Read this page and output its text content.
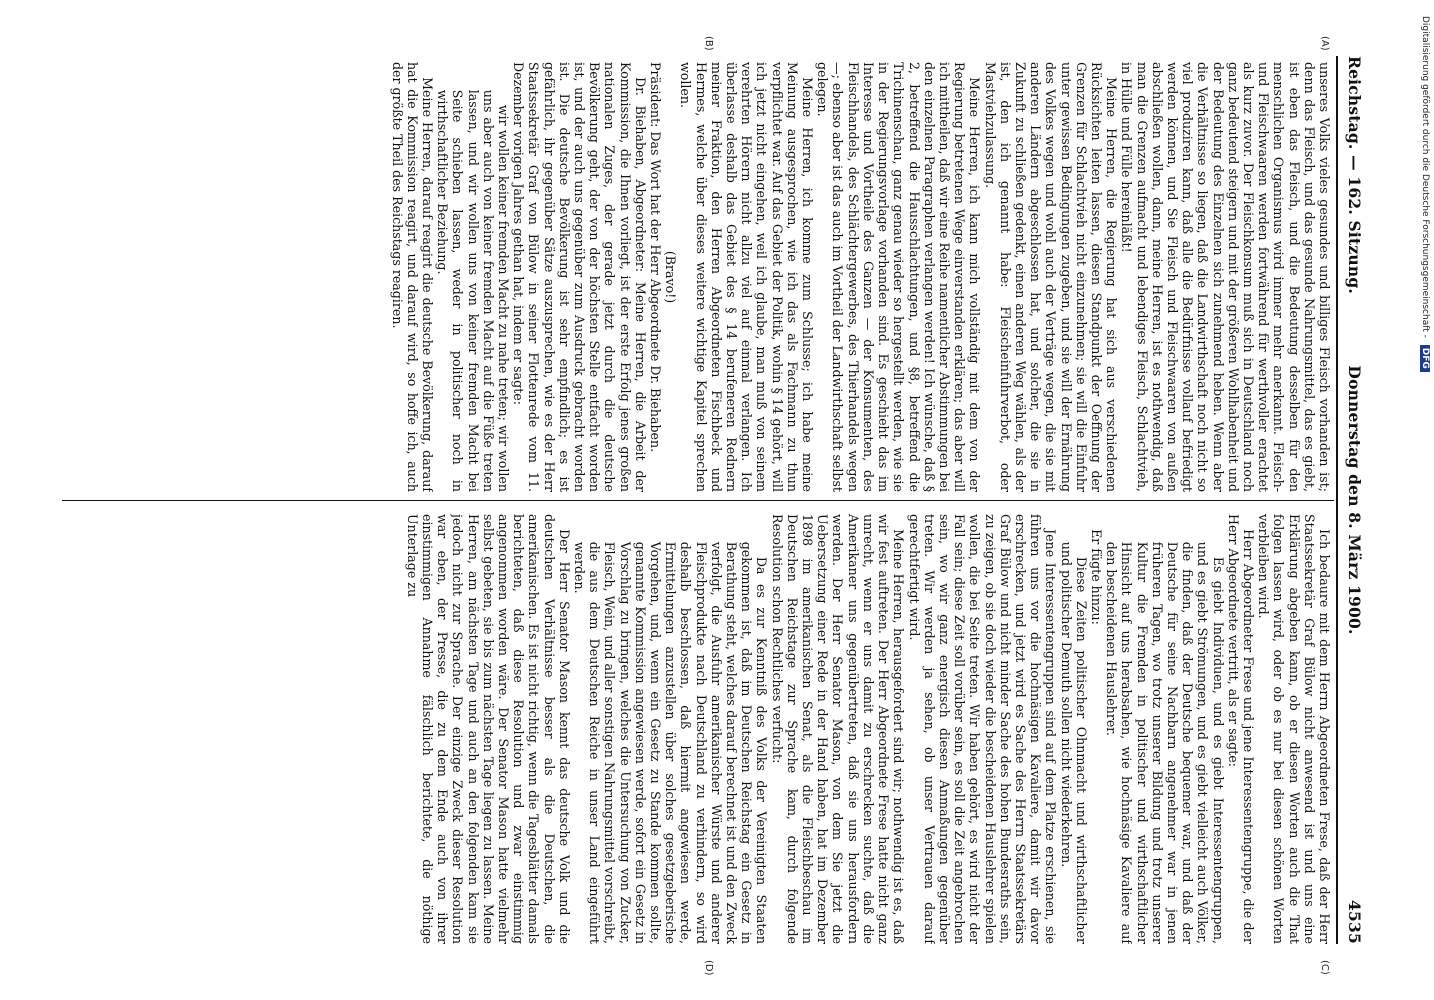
Reichstag. — 162. Sitzung.
Donnerstag den 8. März 1900.
4535
(A)
(B)
(C)
(D)

unseres Volks vieles gesundes und billiges Fleisch vorhanden ist; denn das Fleisch, und das gesunde Nahrungsmittel, das es giebt, ist eben das Fleisch, und die Bedeutung desselben für den menschlichen Organismus wird immer mehr anerkannt. Fleisch- und Fleischwaaren werden fortwährend für werthvoller erachtet als kurz zuvor. Der Fleischkonsum muß sich in Deutschland noch ganz bedeutend steigern und mit der größeren Wohlhabenheit und der Bedeutung des Einzelnen sich zunehmend heben. Wenn aber die Verhältnisse so liegen, daß die Landwirthschaft noch nicht so viel produziren kann, daß alle die Bedürfnisse vollauf befriedigt werden können, und Sie Fleisch und Fleischwaaren von außen abschließen wollen, dann, meine Herren, ist es nothwendig, daß man die Grenzen aufmacht und lebendiges Fleisch, Schlachtvieh, in Hülle und Fülle hereinläßt!

Meine Herren, die Regierung hat sich aus verschiedenen Rücksichten leiten lassen, diesen Standpunkt der Oeffnung der Grenzen für Schlachtvieh nicht einzunehmen; sie will die Einfuhr unter gewissen Bedingungen zugeben, und sie will der Ernährung des Volkes wegen und wohl auch der Verträge wegen, die sie mit anderen Ländern abgeschlossen hat, und solcher, die sie in Zukunft zu schließen gedenkt, einen anderen Weg wählen, als der ist, den ich genannt habe: Fleischeinfuhrverbot, oder Mastviehzulassung.

Meine Herren, ich kann mich vollständig mit dem von der Regierung betretenen Wege einverstanden erklären; das aber will ich mittheilen, daß wir eine Reihe namentlicher Abstimmungen bei den einzelnen Paragraphen verlangen werden! Ich wünsche, daß § 2, betreffend die Hausschlachtungen, und §8, betreffend die Trichinenschau, ganz genau wieder so hergestellt werden, wie sie in der Regierungsvorlage vorhanden sind. Es geschieht das im Interesse und Vortheile des Ganzen — der Konsumenten, des Fleischhandels, des Schlächtergewerbes, des Thierhandels wegen —; ebenso aber ist das auch im Vortheil der Landwirthschaft selbst gelegen.

Meine Herren, ich komme zum Schlusse; ich habe meine Meinung ausgesprochen, wie ich das als Fachmann zu thun verpflichtet war. Auf das Gebiet der Politik, wohin § 14 gehört, will ich jetzt nicht eingehen, weil ich glaube, man muß von seinem verehrten Hörern nicht allzu viel auf einmal verlangen. Ich überlasse deshalb das Gebiet des § 14 berufeneren Rednern meiner Fraktion, den Herren Abgeordneten Fischbeck und Hermes, welche über dieses weitere wichtige Kapitel sprechen wollen.

(Bravo!)

Präsident: Das Wort hat der Herr Abgeordnete Dr. Biehaben.

Dr. Biehaben, Abgeordneter: Meine Herren, die Arbeit der Kommission, die Ihnen vorliegt, ist der erste Erfolg jenes großen nationalen Zuges, der gerade jetzt durch die deutsche Bevölkerung geht, der von der höchsten Stelle entfacht worden ist, und der auch uns gegenüber zum Ausdruck gebracht worden ist. Die deutsche Bevölkerung ist sehr empfindlich; es ist gefährlich, ihr gegenüber Sätze auszusprechen, wie es der Herr Staatssekretär Graf von Bülow in seiner Flottenrede vom 11. Dezember vorigen Jahres gethan hat, indem er sagte:

wir wollen keiner fremden Macht zu nahe treten; wir wollen uns aber auch von keiner fremden Macht auf die Füße treten lassen, und wir wollen uns von keiner fremden Macht bei Seite schieben lassen, weder in politischer noch in wirthschaftlicher Beziehung.

Meine Herren, darauf reagirt die deutsche Bevölkerung, darauf hat die Kommission reagirt, und darauf wird, so hoffe ich, auch der größte Theil des Reichstags reagiren.

Ich bedaure mit dem Herrn Abgeordneten Frese, daß der Herr Staatssekretär Graf Bülow nicht anwesend ist und uns eine Erklärung abgeben kann, ob er diesen Worten auch die That folgen lassen wird, oder ob es nur bei diesen schönen Worten verbleiben wird.

Herr Abgeordneter Frese und jene Interessentengruppe, die der Herr Abgeordnete vertritt, als er sagte:

Es giebt Individuen, und es giebt Interessentengruppen, und es giebt Strömungen, und es giebt vielleicht auch Völker, die finden, daß der Deutsche bequemer war, und daß der Deutsche für seine Nachbarn angenehmer war in jenen früheren Tagen, wo trotz unserer Bildung und trotz unserer Kultur die Fremden in politischer und wirthschaftlicher Hinsicht auf uns herabsahen, wie hochnäsige Kavaliere auf den bescheidenen Hauslehrer.

Er fügte hinzu:

Diese Zeiten politischer Ohnmacht und wirthschaftlicher und politischer Demuth sollen nicht wiederkehren.

Jene Interessentengruppen sind auf dem Platze erschienen, sie führen uns vor die hochnäsigen Kavaliere, damit wir davor erschrecken, und jetzt wird es Sache des Herrn Staatssekretärs Graf Bülow und nicht minder Sache des hohen Bundesraths sein, zu zeigen, ob sie doch wieder die bescheidenen Hauslehrer spielen wollen, die bei Seite treten. Wir haben gehört, es wird nicht der Fall sein; diese Zeit soll vorüber sein, es soll die Zeit angebrochen sein, wo wir ganz energisch diesen Anmaßungen gegenüber treten. Wir werden ja sehen, ob unser Vertrauen darauf gerechtfertigt wird.

Meine Herren, herausgefordert sind wir; nothwendig ist es, daß wir fest auftreten. Der Herr Abgeordnete Frese hatte nicht ganz unrecht, wenn er uns damit zu erschrecken suchte, daß die Amerikaner uns gegenübertreten, daß sie uns herausfordern werden. Der Herr Senator Mason, von dem Sie jetzt die Uebersetzung einer Rede in der Hand haben, hat im Dezember 1898 im amerikanischen Senat, als die Fleischbeschau im Deutschen Reichstage zur Sprache kam, durch folgende Resolution schon Rechtliches verfucht:

Da es zur Kenntniß des Volks der Vereinigten Staaten gekommen ist, daß im Deutschen Reichstag ein Gesetz in Berathung steht, welches darauf berechnet ist und den Zweck verfolgt, die Ausfuhr amerikanischer Würste und anderer Fleischprodukte nach Deutschland zu verhindern, so wird deshalb beschlossen, daß hiermit angewiesen werde, Ermittelungen anzustellen über solches gesetzgeberische Vorgehen, und, wenn ein Gesetz zu Stande kommen sollte, genannte Kommission angewiesen werde, sofort ein Gesetz in Vorschlag zu bringen, welches die Untersuchung von Zucker, Fleisch, Wein, und aller sonstigen Nahrungsmittel vorschreibt, die aus dem Deutschen Reiche in unser Land eingeführt werden.

Der Herr Senator Mason kennt das deutsche Volk und die deutschen Verhältnisse besser als die Deutschen, die amerikanischen. Es ist nicht richtig, wenn die Tagesblätter damals berichteten, daß diese Resolution und zwar einstimmig angenommen worden wäre. Der Senator Mason hatte vielmehr selbst gebeten, sie bis zum nächsten Tage liegen zu lassen. Meine Herren, am nächsten Tage und auch an den folgenden kam sie jedoch nicht zur Sprache. Der einzige Zweck dieser Resolution war eben, der Presse, die zu dem Ende auch von ihrer einstimmigen Annahme fälschlich berichtete, die nöthige Unterlage zu

Digitalisierung gefördert durch die Deutsche Forschungsgemeinschaft - DFG
